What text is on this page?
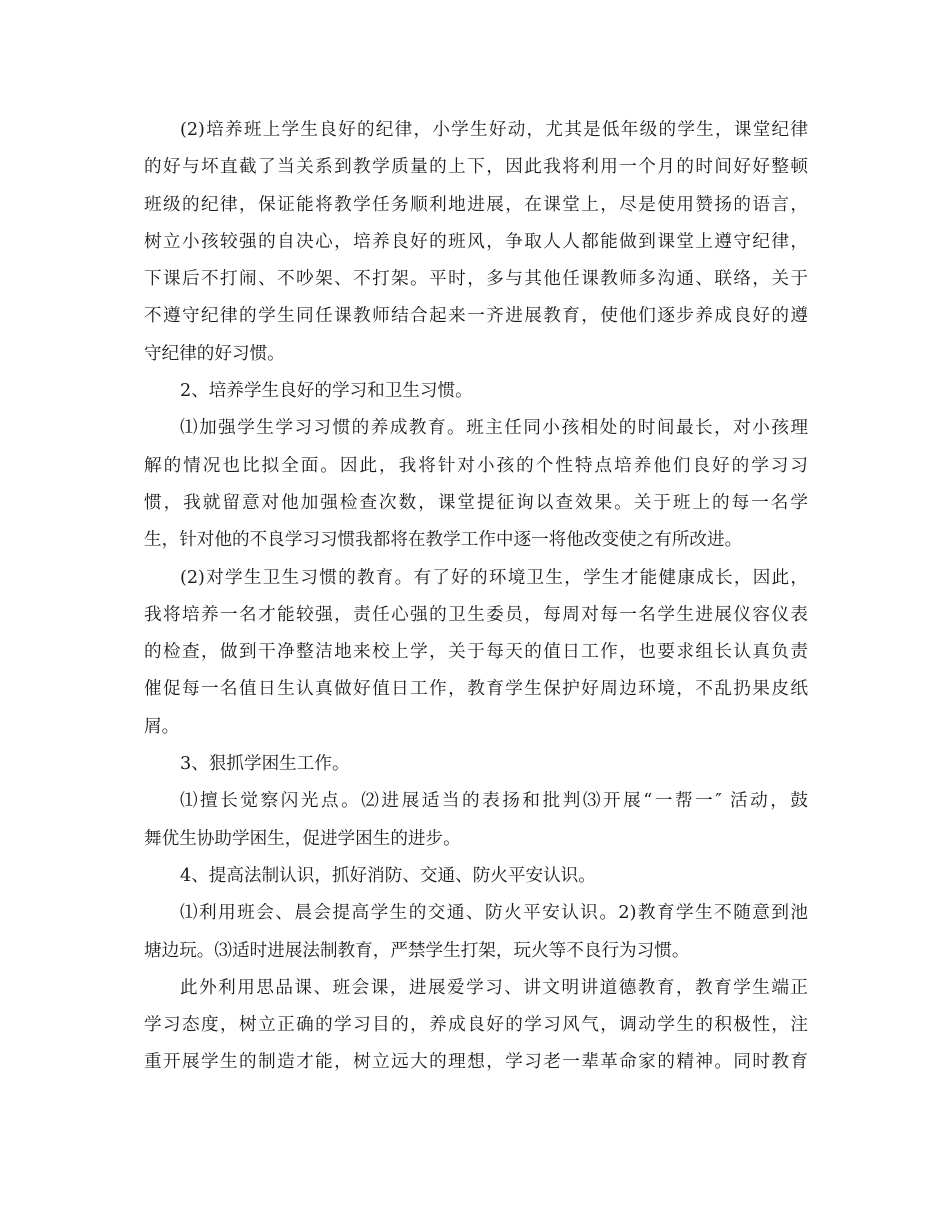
(2)培养班上学生良好的纪律，小学生好动，尤其是低年级的学生，课堂纪律
的好与坏直截了当关系到教学质量的上下，因此我将利用一个月的时间好好整顿
班级的纪律，保证能将教学任务顺利地进展，在课堂上，尽是使用赞扬的语言，
树立小孩较强的自决心，培养良好的班风，争取人人都能做到课堂上遵守纪律，
下课后不打闹、不吵架、不打架。平时，多与其他任课教师多沟通、联络，关于
不遵守纪律的学生同任课教师结合起来一齐进展教育，使他们逐步养成良好的遵
守纪律的好习惯。
2、培养学生良好的学习和卫生习惯。
⑴加强学生学习习惯的养成教育。班主任同小孩相处的时间最长，对小孩理
解的情况也比拟全面。因此，我将针对小孩的个性特点培养他们良好的学习习
惯，我就留意对他加强检查次数，课堂提征询以查效果。关于班上的每一名学
生，针对他的不良学习习惯我都将在教学工作中逐一将他改变使之有所改进。
(2)对学生卫生习惯的教育。有了好的环境卫生，学生才能健康成长，因此，
我将培养一名才能较强，责任心强的卫生委员，每周对每一名学生进展仪容仪表
的检查，做到干净整洁地来校上学，关于每天的值日工作，也要求组长认真负责
催促每一名值日生认真做好值日工作，教育学生保护好周边环境，不乱扔果皮纸
屑。
3、狠抓学困生工作。
⑴擅长觉察闪光点。⑵进展适当的表扬和批判⑶开展“一帮一″ 活动，鼓
舞优生协助学困生，促进学困生的进步。
4、提高法制认识，抓好消防、交通、防火平安认识。
⑴利用班会、晨会提高学生的交通、防火平安认识。2)教育学生不随意到池
塘边玩。⑶适时进展法制教育，严禁学生打架，玩火等不良行为习惯。
此外利用思品课、班会课，进展爱学习、讲文明讲道德教育，教育学生端正
学习态度，树立正确的学习目的，养成良好的学习风气，调动学生的积极性，注
重开展学生的制造才能，树立远大的理想，学习老一辈革命家的精神。同时教育
